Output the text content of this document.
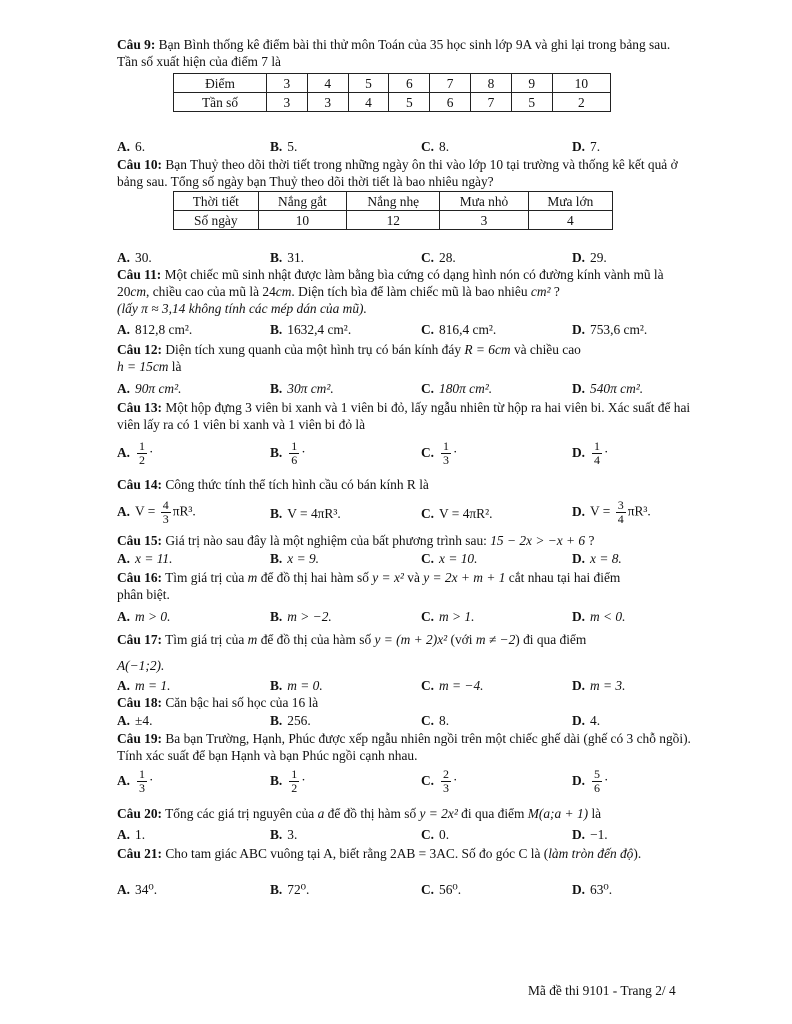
Câu 9: Bạn Bình thống kê điểm bài thi thử môn Toán của 35 học sinh lớp 9A và ghi lại trong bảng sau. Tần số xuất hiện của điểm 7 là
Điểm	3	4	5	6	7	8	9	10
Tần số	3	3	4	5	6	7	5	2
A. 6.	B. 5.	C. 8.	D. 7.
Câu 10: Bạn Thuỷ theo dõi thời tiết trong những ngày ôn thi vào lớp 10 tại trường và thống kê kết quả ở bảng sau. Tổng số ngày bạn Thuỷ theo dõi thời tiết là bao nhiêu ngày?
Thời tiết	Nắng gắt	Nắng nhẹ	Mưa nhỏ	Mưa lớn
Số ngày	10	12	3	4
A. 30.	B. 31.	C. 28.	D. 29.
Câu 11: Một chiếc mũ sinh nhật được làm bằng bìa cứng có dạng hình nón có đường kính vành mũ là 20cm, chiều cao của mũ là 24cm. Diện tích bìa để làm chiếc mũ là bao nhiêu cm² ?
(lấy π ≈ 3,14 không tính các mép dán của mũ).
A. 812,8 cm².	B. 1632,4 cm².	C. 816,4 cm².	D. 753,6 cm².
Câu 12: Diện tích xung quanh của một hình trụ có bán kính đáy R = 6cm và chiều cao
h = 15cm là
A. 90π cm².	B. 30π cm².	C. 180π cm².	D. 540π cm².
Câu 13: Một hộp đựng 3 viên bi xanh và 1 viên bi đỏ, lấy ngẫu nhiên từ hộp ra hai viên bi. Xác suất để hai viên lấy ra có 1 viên bi xanh và 1 viên bi đỏ là
A. $\frac{1}{2}$ ·	B. $\frac{1}{6}$ ·	C. $\frac{1}{3}$ ·	D. $\frac{1}{4}$ ·
Câu 14: Công thức tính thể tích hình cầu có bán kính R là
A. $V = \frac{4}{3} \pi R^3$.	B. V = 4πR³.	C. V = 4πR².	D. $V = \frac{3}{4} \pi R^3$.
Câu 15: Giá trị nào sau đây là một nghiệm của bất phương trình sau: 15 − 2x > −x + 6 ?
A. x = 11.	B. x = 9.	C. x = 10.	D. x = 8.
Câu 16: Tìm giá trị của m để đồ thị hai hàm số y = x² và y = 2x + m + 1 cắt nhau tại hai điểm
phân biệt.
A. m > 0.	B. m > −2.	C. m > 1.	D. m < 0.
Câu 17: Tìm giá trị của m để đồ thị của hàm số y = (m + 2)x² (với m ≠ −2) đi qua điểm
A(−1;2).
A. m = 1.	B. m = 0.	C. m = −4.	D. m = 3.
Câu 18: Căn bậc hai số học của 16 là
A. ±4.	B. 256.	C. 8.	D. 4.
Câu 19: Ba bạn Trường, Hạnh, Phúc được xếp ngẫu nhiên ngồi trên một chiếc ghế dài (ghế có 3 chỗ ngồi). Tính xác suất để bạn Hạnh và bạn Phúc ngồi cạnh nhau.
A. $\frac{1}{3}$ ·	B. $\frac{1}{2}$ ·	C. $\frac{2}{3}$ ·	D. $\frac{5}{6}$ ·
Câu 20: Tổng các giá trị nguyên của a để đồ thị hàm số y = 2x² đi qua điểm M(a;a + 1) là
A. 1.	B. 3.	C. 0.	D. −1.
Câu 21: Cho tam giác ABC vuông tại A, biết rằng 2AB = 3AC. Số đo góc C là (làm tròn đến độ).
A. 34⁰.	B. 72⁰.	C. 56⁰.	D. 63⁰.
Mã đề thi 9101 - Trang 2/ 4
